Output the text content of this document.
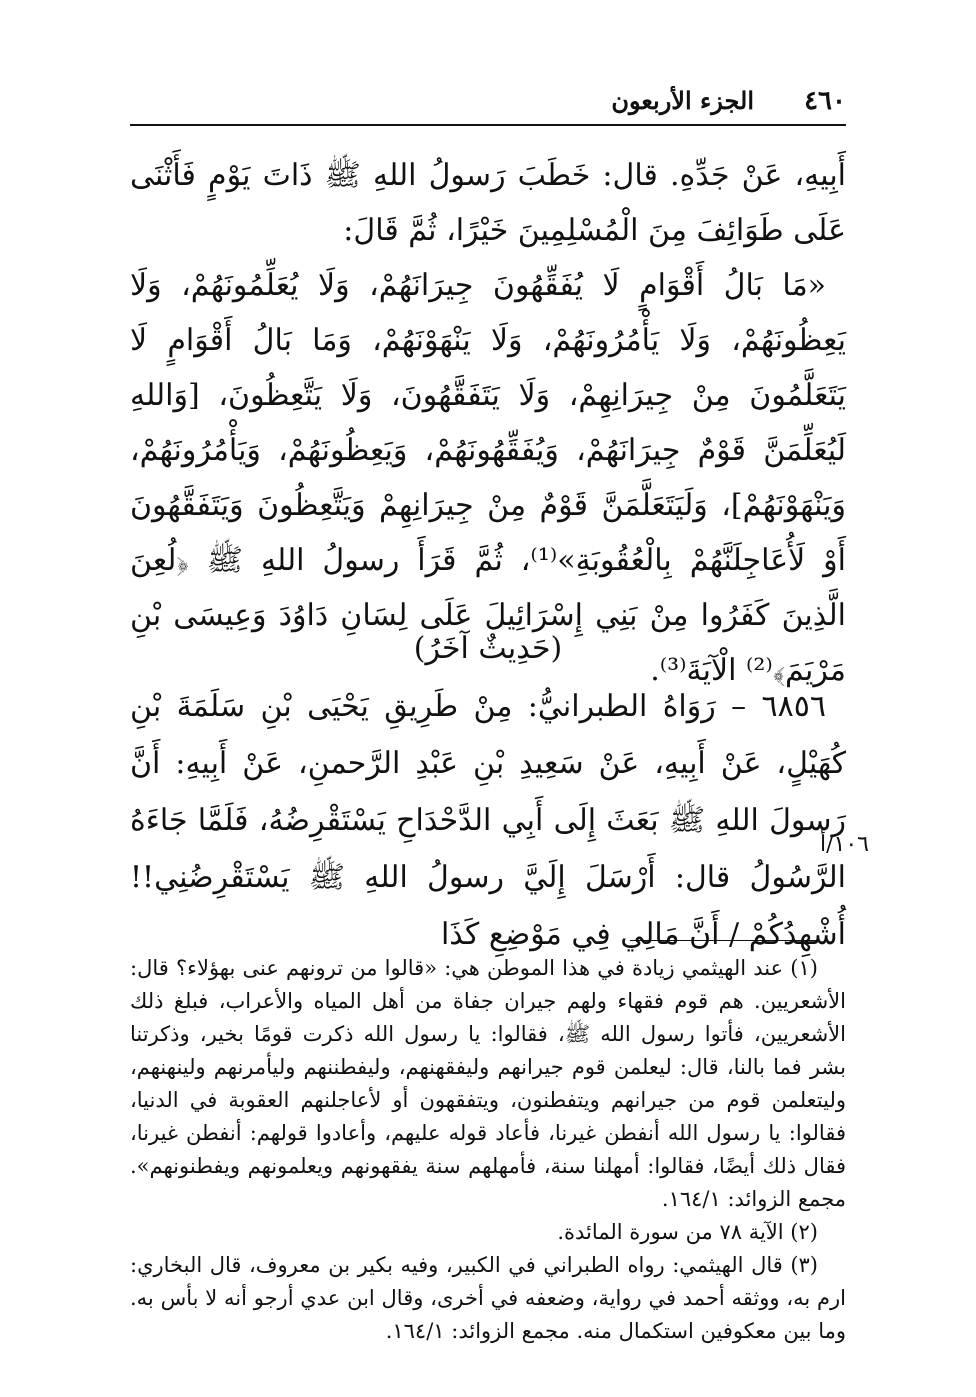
٤٦٠
الجزء الأربعون

أَبِيهِ، عَنْ جَدِّهِ. قال: خَطَبَ رَسولُ اللهِ ﷺ ذَاتَ يَوْمٍ فَأَثْنَى عَلَى طَوَائِفَ مِنَ الْمُسْلِمِينَ خَيْرًا، ثُمَّ قَالَ:

«مَا بَالُ أَقْوَامٍ لَا يُفَقِّهُونَ جِيرَانَهُمْ، وَلَا يُعَلِّمُونَهُمْ، وَلَا يَعِظُونَهُمْ، وَلَا يَأْمُرُونَهُمْ، وَلَا يَنْهَوْنَهُمْ، وَمَا بَالُ أَقْوَامٍ لَا يَتَعَلَّمُونَ مِنْ جِيرَانِهِمْ، وَلَا يَتَفَقَّهُونَ، وَلَا يَتَّعِظُونَ، [وَاللهِ لَيُعَلِّمَنَّ قَوْمٌ جِيرَانَهُمْ، وَيُفَقِّهُونَهُمْ، وَيَعِظُونَهُمْ، وَيَأْمُرُونَهُمْ، وَيَنْهَوْنَهُمْ]، وَلَيَتَعَلَّمَنَّ قَوْمٌ مِنْ جِيرَانِهِمْ وَيَتَّعِظُونَ وَيَتَفَقَّهُونَ أَوْ لَأُعَاجِلَنَّهُمْ بِالْعُقُوبَةِ»⁽¹⁾، ثُمَّ قَرَأَ رسولُ اللهِ ﷺ ﴿لُعِنَ الَّذِينَ كَفَرُوا مِنْ بَنِي إِسْرَائِيلَ عَلَى لِسَانِ دَاوُدَ وَعِيسَى بْنِ مَرْيَمَ﴾⁽²⁾ الْآيَةَ⁽³⁾.

(حَدِيثٌ آخَرُ)

٦٨٥٦ – رَوَاهُ الطبرانيُّ: مِنْ طَرِيقِ يَحْيَى بْنِ سَلَمَةَ بْنِ كُهَيْلٍ، عَنْ أَبِيهِ، عَنْ سَعِيدِ بْنِ عَبْدِ الرَّحمنِ، عَنْ أَبِيهِ: أَنَّ رَسولَ اللهِ ﷺ بَعَثَ إِلَى أَبِي الدَّحْدَاحِ يَسْتَقْرِضُهُ، فَلَمَّا جَاءَهُ الرَّسُولُ قال: أَرْسَلَ إِلَيَّ رسولُ اللهِ ﷺ يَسْتَقْرِضُنِي!! أُشْهِدُكُمْ / أَنَّ مَالِي فِي مَوْضِعِ كَذَا

١٠٦/أ

(١) عند الهيثمي زيادة في هذا الموطن هي: «قالوا من ترونهم عنى بهؤلاء؟ قال: الأشعريين. هم قوم فقهاء ولهم جيران جفاة من أهل المياه والأعراب، فبلغ ذلك الأشعريين، فأتوا رسول الله ﷺ، فقالوا: يا رسول الله ذكرت قومًا بخير، وذكرتنا بشر فما بالنا، قال: ليعلمن قوم جيرانهم وليفقهنهم، وليفطننهم وليأمرنهم ولينهنهم، وليتعلمن قوم من جيرانهم ويتفطنون، ويتفقهون أو لأعاجلنهم العقوبة في الدنيا، فقالوا: يا رسول الله أنفطن غيرنا، فأعاد قوله عليهم، وأعادوا قولهم: أنفطن غيرنا، فقال ذلك أيضًا، فقالوا: أمهلنا سنة، فأمهلهم سنة يفقهونهم ويعلمونهم ويفطنونهم». مجمع الزوائد: ١٦٤/١.

(٢) الآية ٧٨ من سورة المائدة.

(٣) قال الهيثمي: رواه الطبراني في الكبير، وفيه بكير بن معروف، قال البخاري: ارم به، ووثقه أحمد في رواية، وضعفه في أخرى، وقال ابن عدي أرجو أنه لا بأس به. وما بين معكوفين استكمال منه. مجمع الزوائد: ١٦٤/١.
